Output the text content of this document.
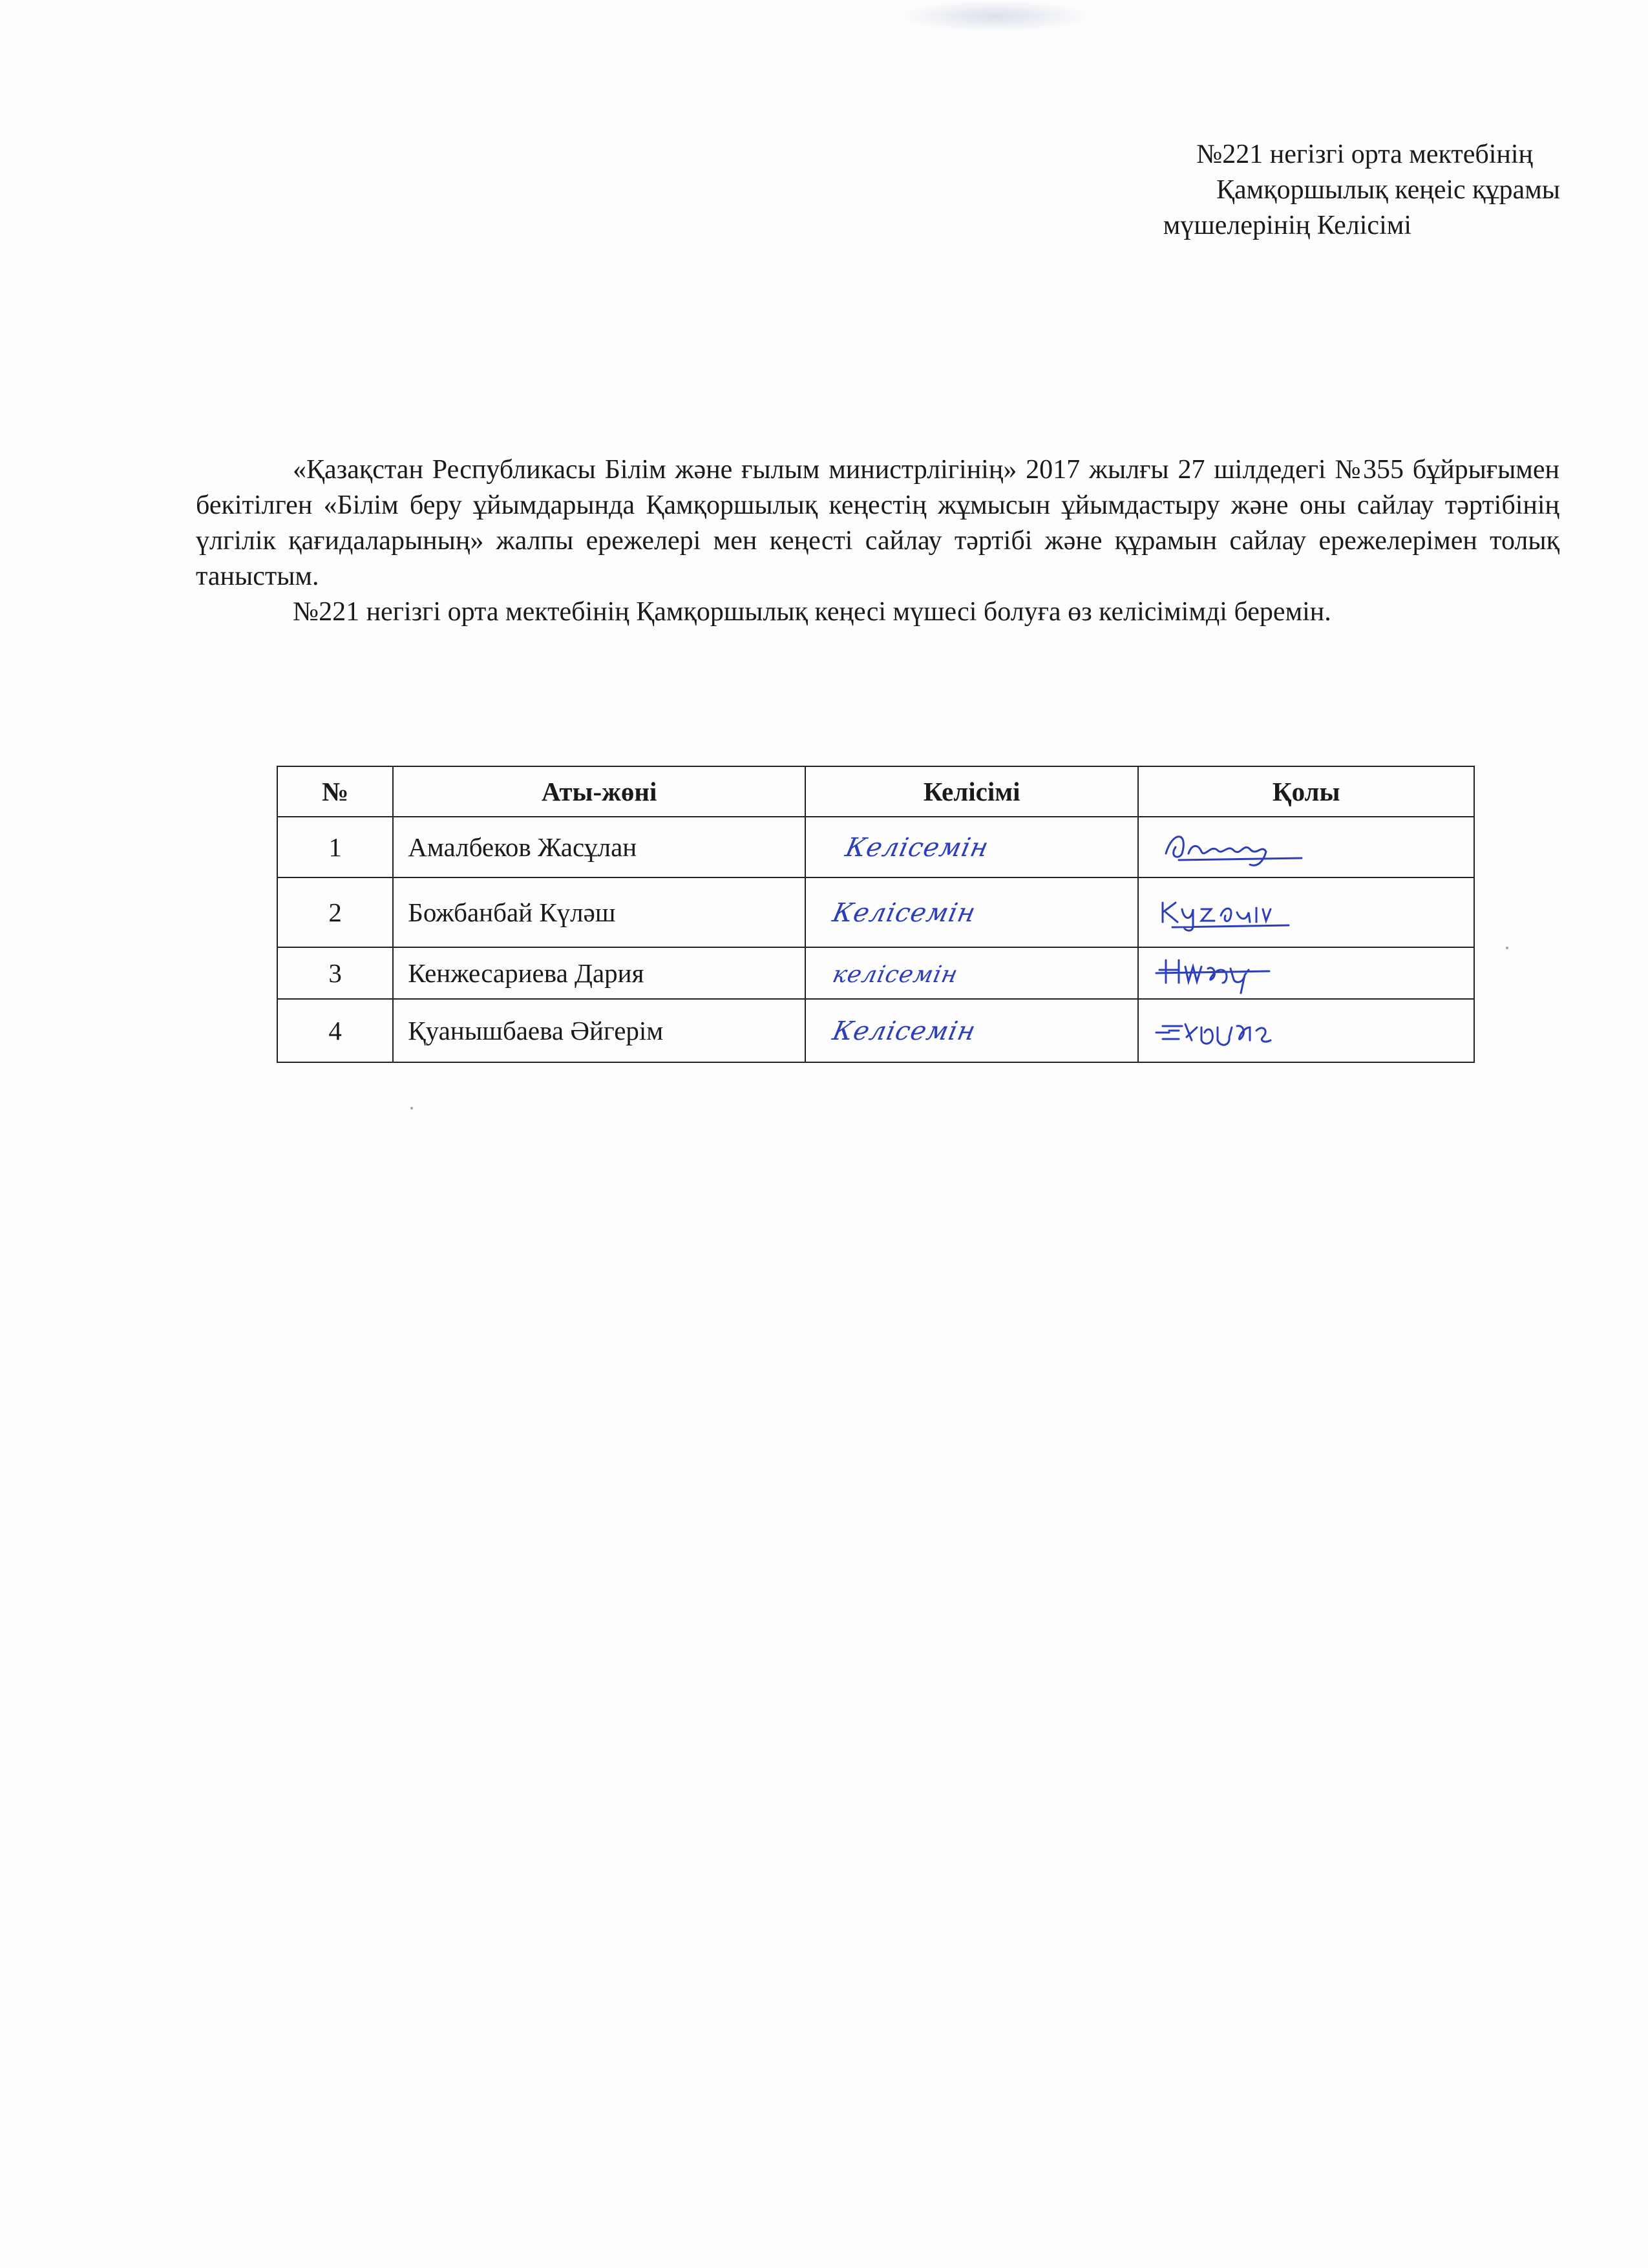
№221 негізгі орта мектебінің
Қамқоршылық кеңеіс құрамы
мүшелерінің Келісімі

«Қазақстан Республикасы Білім және ғылым министрлігінің» 2017 жылғы 27 шілдедегі №355 бұйрығымен бекітілген «Білім беру ұйымдарында Қамқоршылық кеңестің жұмысын ұйымдастыру және оны сайлау тәртібінің үлгілік қағидаларының» жалпы ережелері мен кеңесті сайлау тәртібі және құрамын сайлау ережелерімен толық таныстым.

№221 негізгі орта мектебінің Қамқоршылық кеңесі мүшесі болуға өз келісімімді беремін.

№	Аты-жөні	Келісімі	Қолы
1	Амалбеков Жасұлан	Келісемін	

2	Божбанбай Күләш	Келісемін	

3	Кенжесариева Дария	келісемін	

4	Қуанышбаева Әйгерім	Келісемін	
